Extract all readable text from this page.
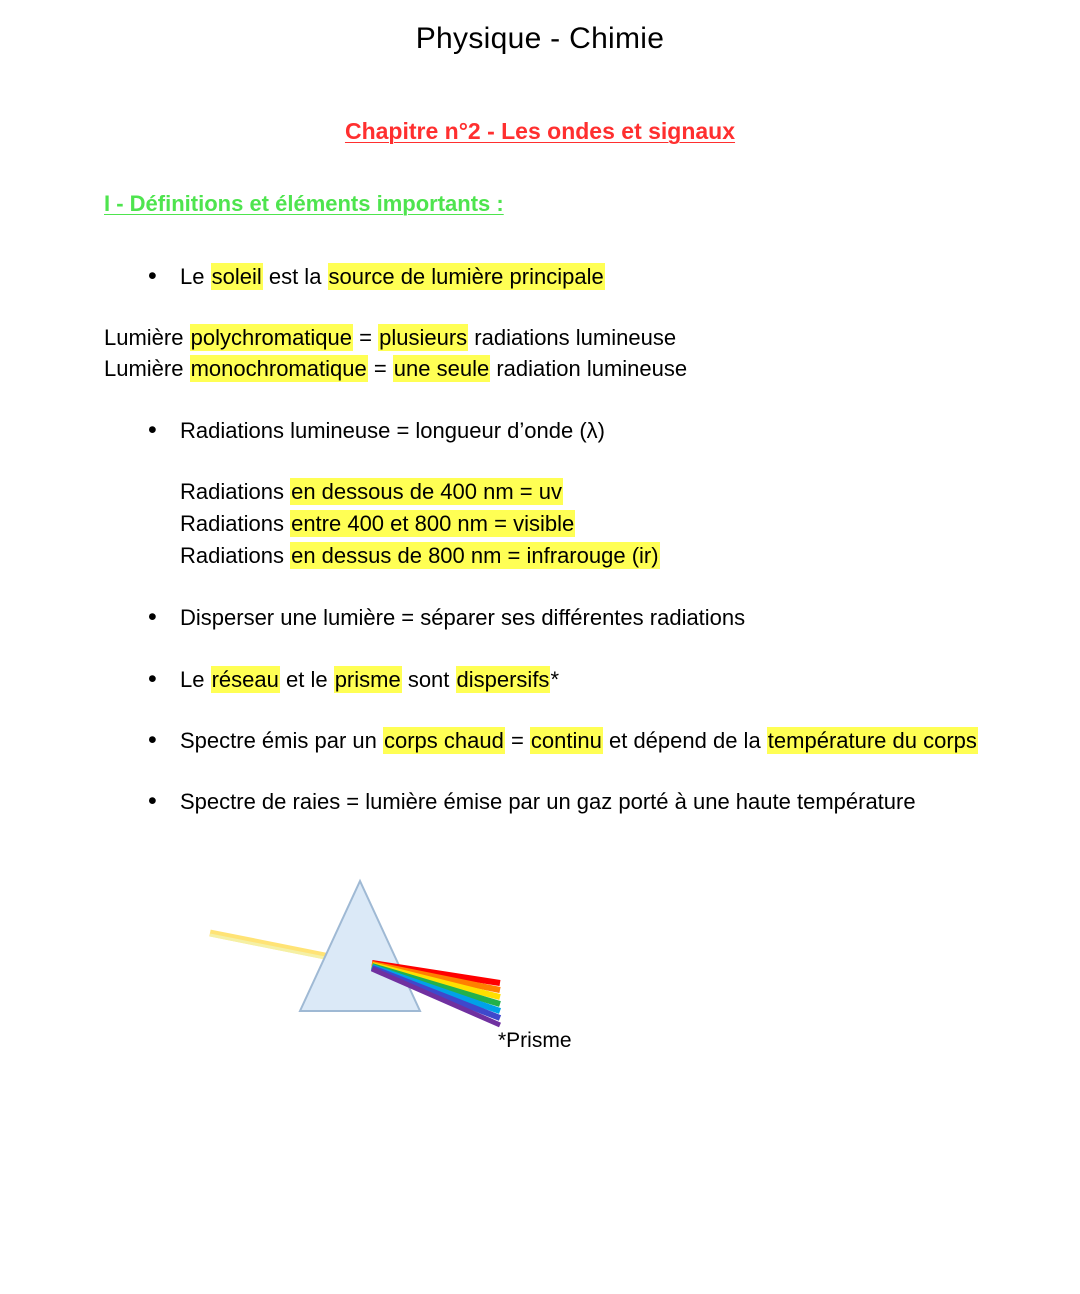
Physique - Chimie
Chapitre n°2 - Les ondes et signaux
I - Définitions et éléments importants :
• Le soleil est la source de lumière principale
Lumière polychromatique = plusieurs radiations lumineuse
Lumière monochromatique = une seule radiation lumineuse
• Radiations lumineuse = longueur d’onde (λ)
Radiations en dessous de 400 nm = uv
Radiations entre 400 et 800 nm = visible
Radiations en dessus de 800 nm = infrarouge (ir)
• Disperser une lumière = séparer ses différentes radiations
• Le réseau et le prisme sont dispersifs*
• Spectre émis par un corps chaud = continu et dépend de la température du corps
• Spectre de raies = lumière émise par un gaz porté à une haute température
*Prisme
